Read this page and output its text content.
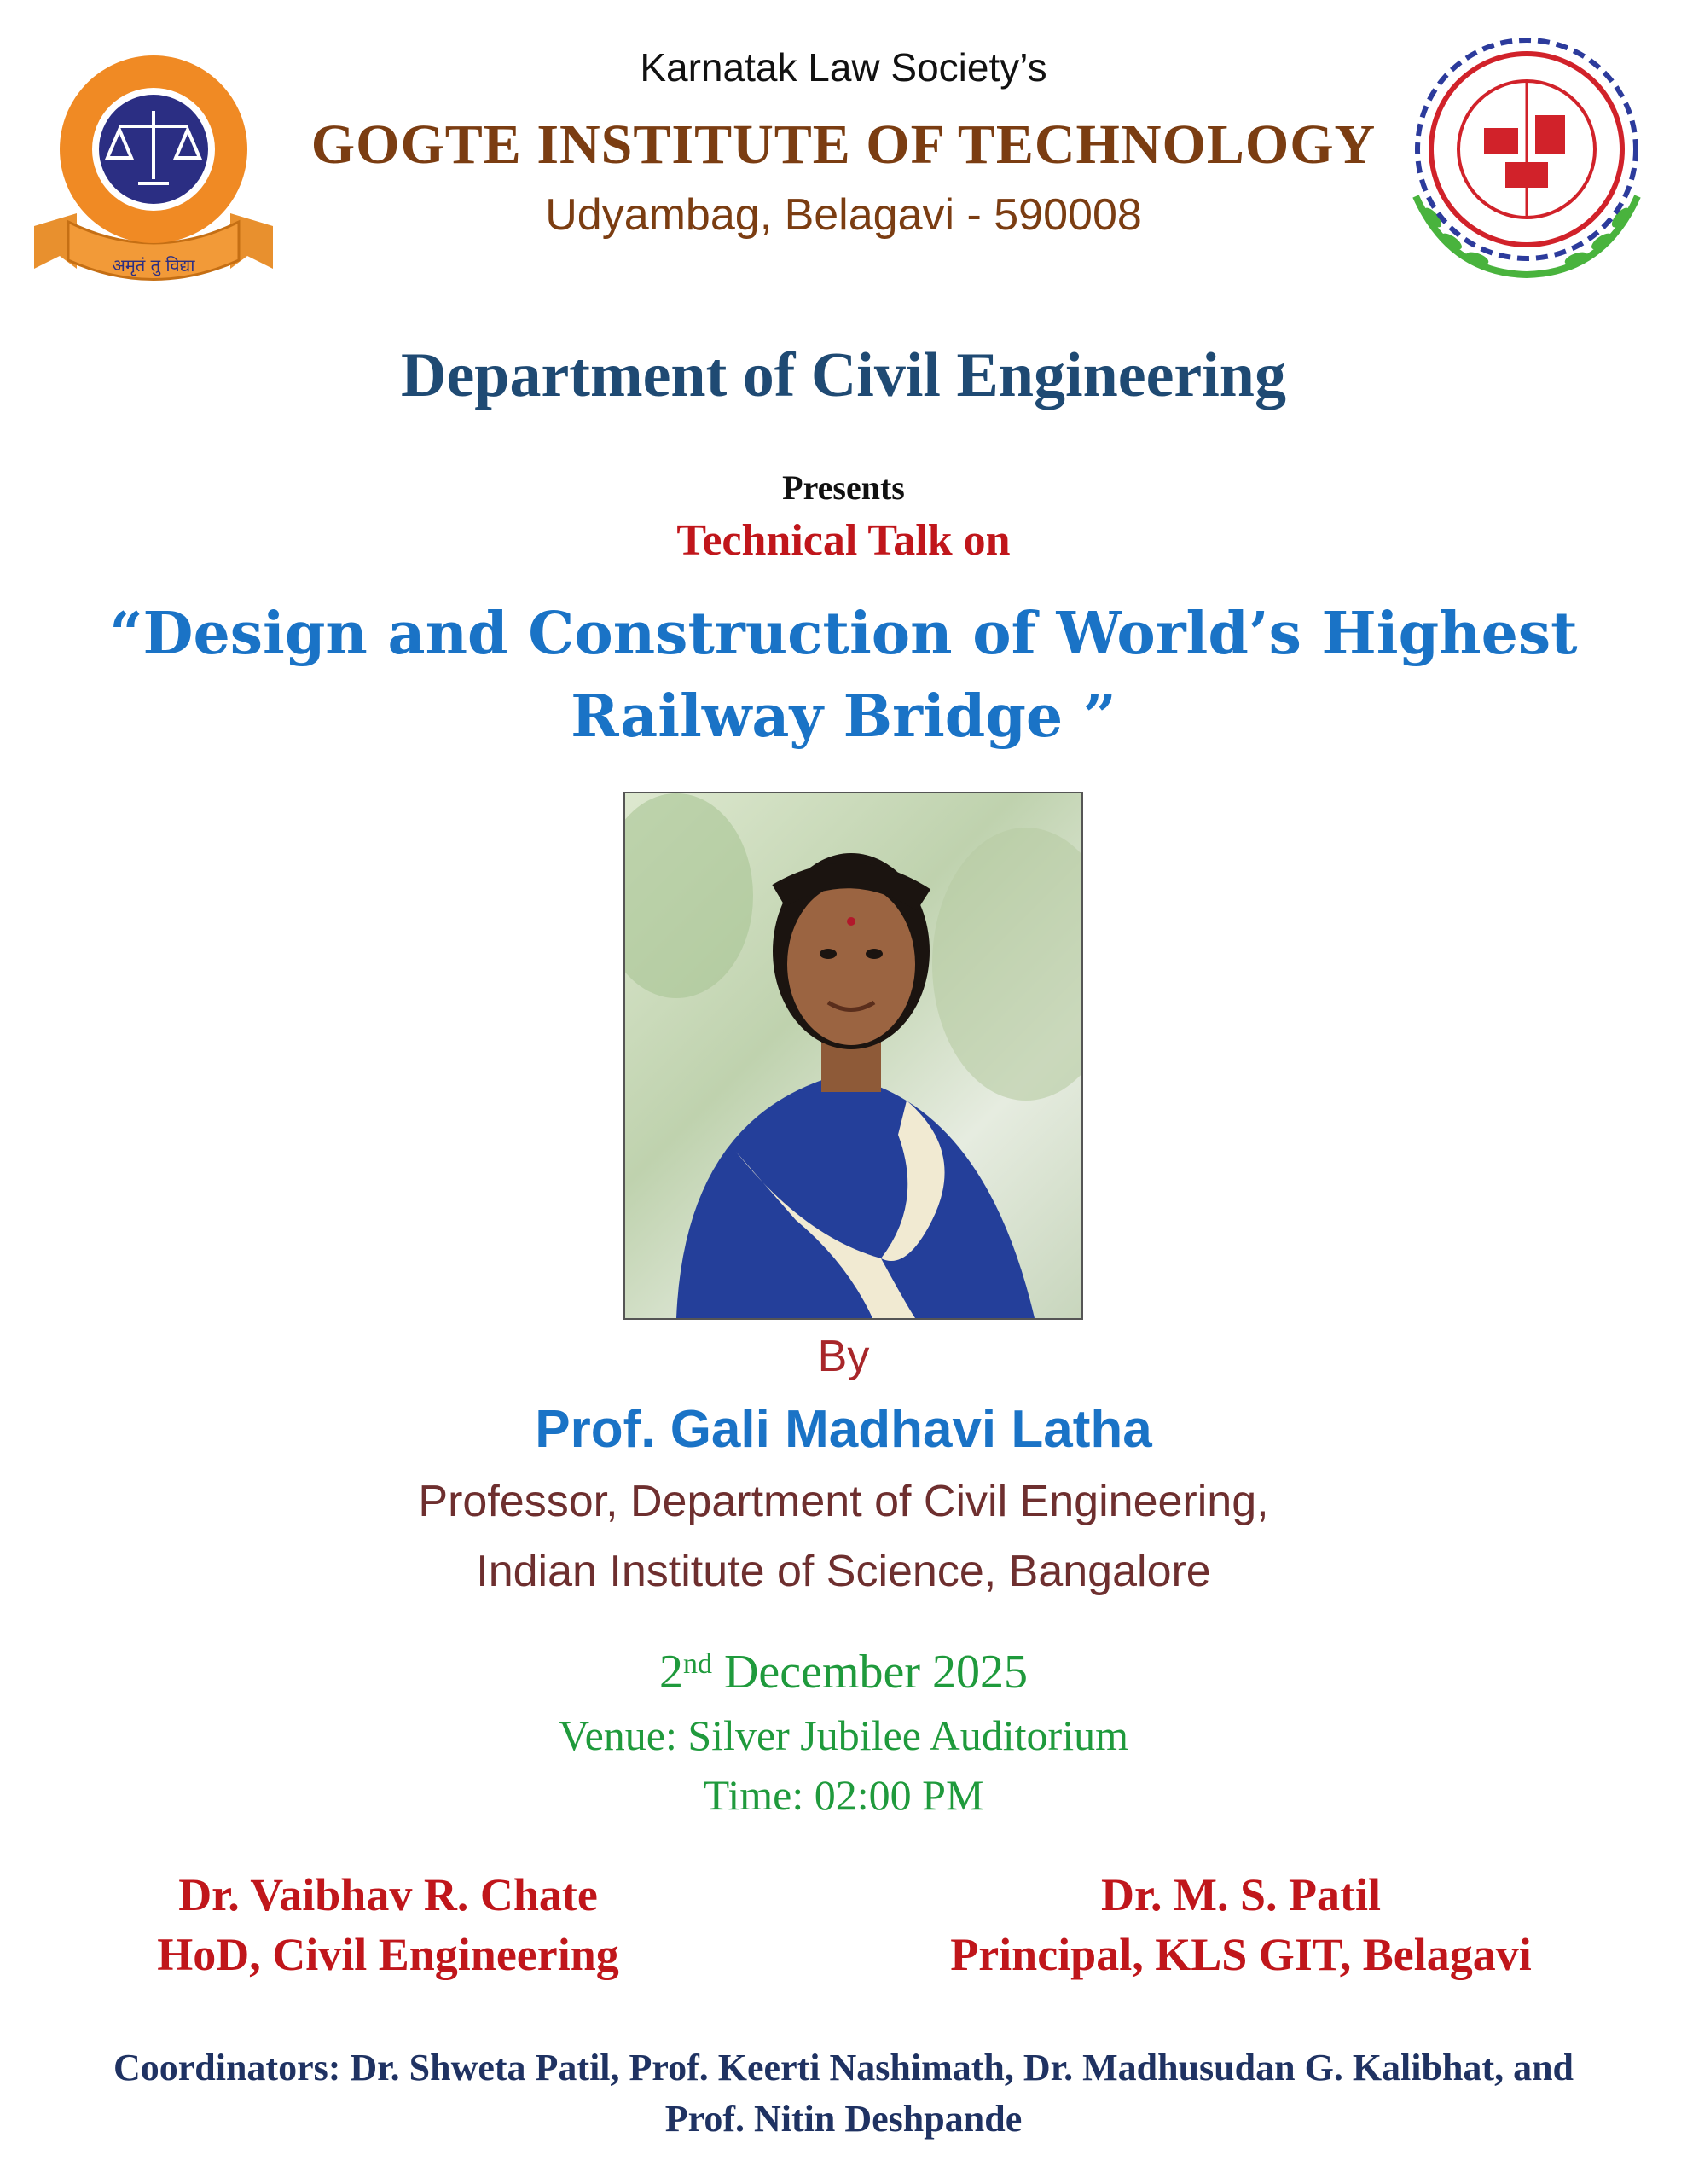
अमृतं तु विद्या
Karnatak Law Society’s
GOGTE INSTITUTE OF TECHNOLOGY
Udyambag, Belagavi - 590008
Department of Civil Engineering
Presents
Technical Talk on
“Design and Construction of World’s Highest
Railway Bridge ”
By
Prof. Gali Madhavi Latha
Professor, Department of Civil Engineering,
Indian Institute of Science, Bangalore
2nd December 2025
Venue: Silver Jubilee Auditorium
Time: 02:00 PM
Dr. Vaibhav R. Chate
HoD, Civil Engineering
Dr. M. S. Patil
Principal, KLS GIT, Belagavi
Coordinators: Dr. Shweta Patil, Prof. Keerti Nashimath, Dr. Madhusudan G. Kalibhat, and
Prof. Nitin Deshpande
